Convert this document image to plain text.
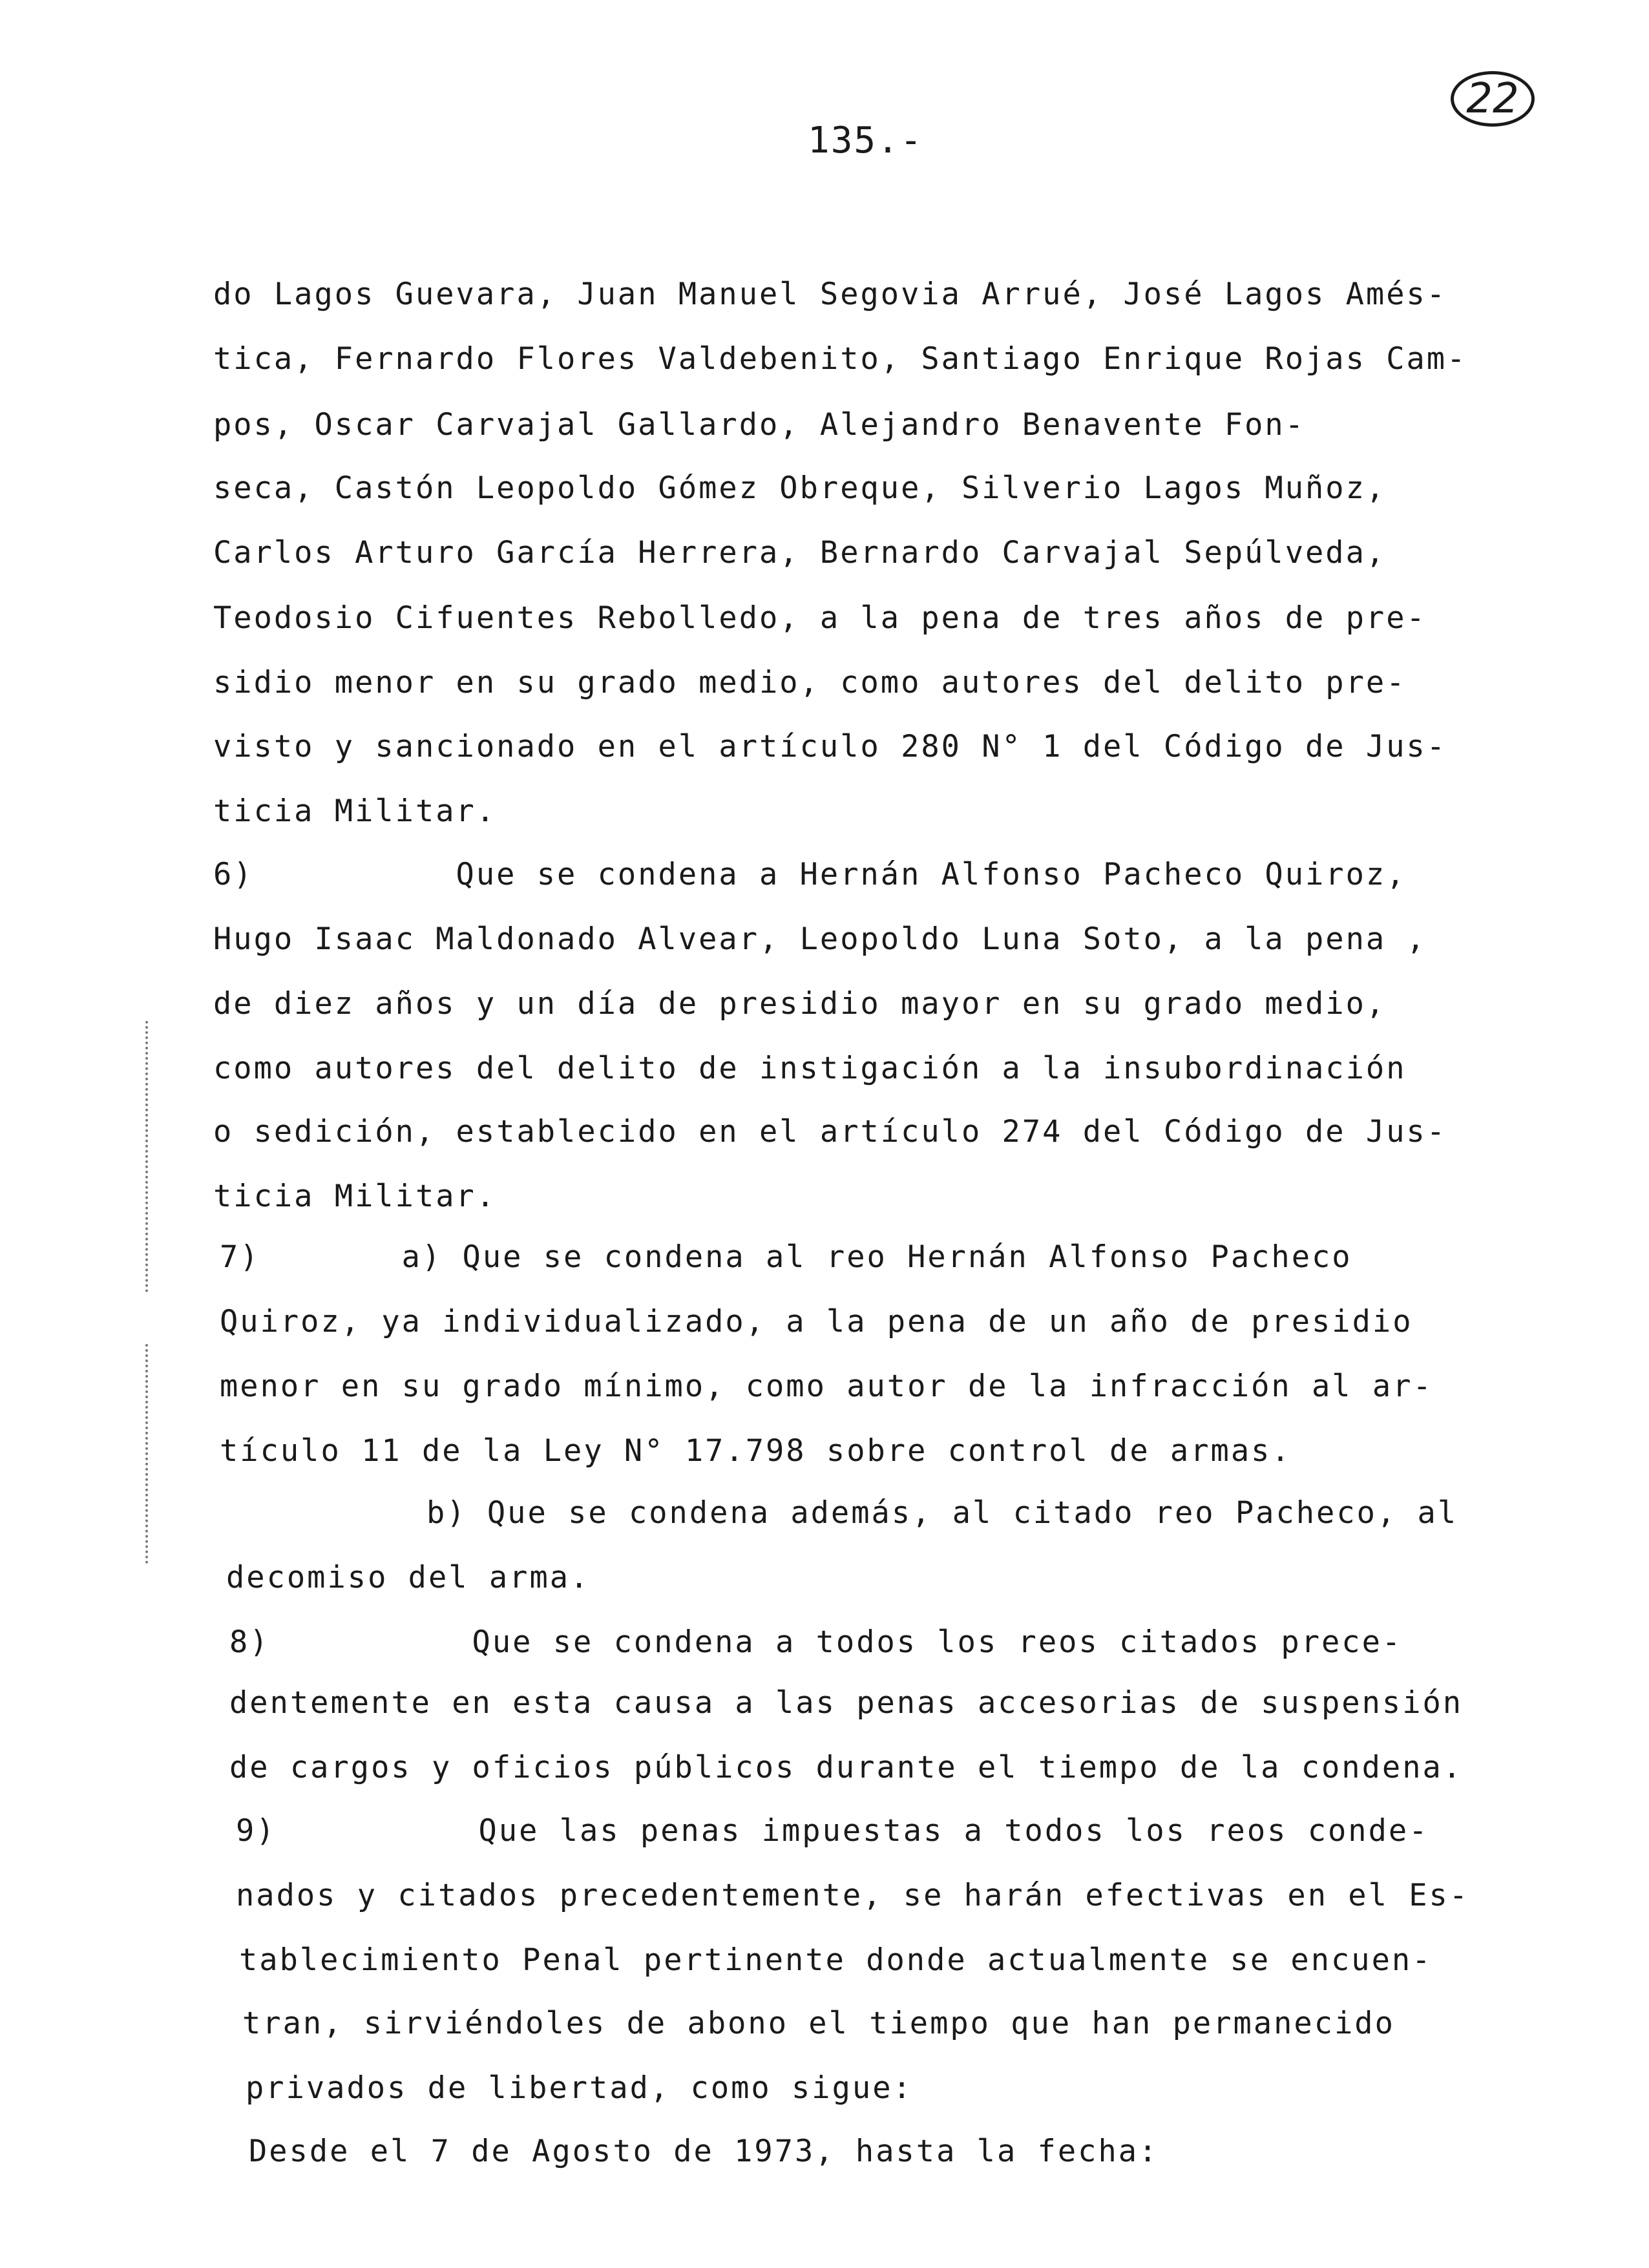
135.-
22
do Lagos Guevara, Juan Manuel Segovia Arrué, José Lagos Amés-
tica, Fernardo Flores Valdebenito, Santiago Enrique Rojas Cam-
pos, Oscar Carvajal Gallardo, Alejandro Benavente Fon-
seca, Castón Leopoldo Gómez Obreque, Silverio Lagos Muñoz,
Carlos Arturo García Herrera, Bernardo Carvajal Sepúlveda,
Teodosio Cifuentes Rebolledo, a la pena de tres años de pre-
sidio menor en su grado medio, como autores del delito pre-
visto y sancionado en el artículo 280 N° 1 del Código de Jus-
ticia Militar.
6)          Que se condena a Hernán Alfonso Pacheco Quiroz,
Hugo Isaac Maldonado Alvear, Leopoldo Luna Soto, a la pena ,
de diez años y un día de presidio mayor en su grado medio,
como autores del delito de instigación a la insubordinación
o sedición, establecido en el artículo 274 del Código de Jus-
ticia Militar.
7)       a) Que se condena al reo Hernán Alfonso Pacheco
Quiroz, ya individualizado, a la pena de un año de presidio
menor en su grado mínimo, como autor de la infracción al ar-
tículo 11 de la Ley N° 17.798 sobre control de armas.
b) Que se condena además, al citado reo Pacheco, al
decomiso del arma.
8)          Que se condena a todos los reos citados prece-
dentemente en esta causa a las penas accesorias de suspensión
de cargos y oficios públicos durante el tiempo de la condena.
9)          Que las penas impuestas a todos los reos conde-
nados y citados precedentemente, se harán efectivas en el Es-
tablecimiento Penal pertinente donde actualmente se encuen-
tran, sirviéndoles de abono el tiempo que han permanecido
privados de libertad, como sigue:
Desde el 7 de Agosto de 1973, hasta la fecha:
